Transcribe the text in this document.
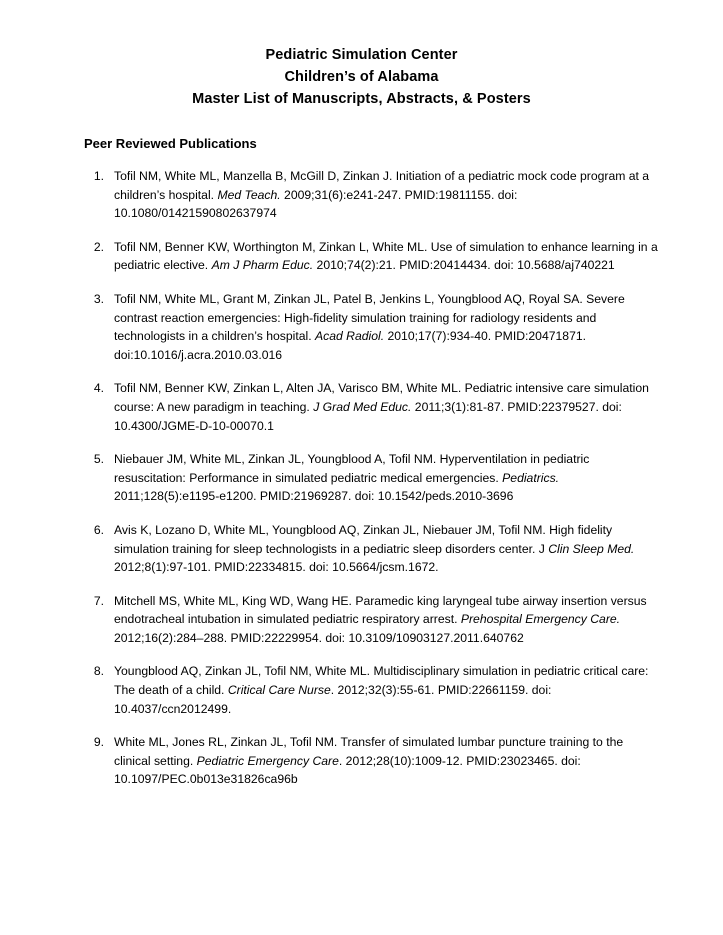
Pediatric Simulation Center
Children’s of Alabama
Master List of Manuscripts, Abstracts, & Posters
Peer Reviewed Publications
1. Tofil NM, White ML, Manzella B, McGill D, Zinkan J. Initiation of a pediatric mock code program at a children’s hospital. Med Teach. 2009;31(6):e241-247. PMID:19811155. doi: 10.1080/01421590802637974
2. Tofil NM, Benner KW, Worthington M, Zinkan L, White ML. Use of simulation to enhance learning in a pediatric elective. Am J Pharm Educ. 2010;74(2):21. PMID:20414434. doi: 10.5688/aj740221
3. Tofil NM, White ML, Grant M, Zinkan JL, Patel B, Jenkins L, Youngblood AQ, Royal SA. Severe contrast reaction emergencies: High-fidelity simulation training for radiology residents and technologists in a children’s hospital. Acad Radiol. 2010;17(7):934-40. PMID:20471871. doi:10.1016/j.acra.2010.03.016
4. Tofil NM, Benner KW, Zinkan L, Alten JA, Varisco BM, White ML. Pediatric intensive care simulation course: A new paradigm in teaching. J Grad Med Educ. 2011;3(1):81-87. PMID:22379527. doi: 10.4300/JGME-D-10-00070.1
5. Niebauer JM, White ML, Zinkan JL, Youngblood A, Tofil NM. Hyperventilation in pediatric resuscitation: Performance in simulated pediatric medical emergencies. Pediatrics. 2011;128(5):e1195-e1200. PMID:21969287. doi: 10.1542/peds.2010-3696
6. Avis K, Lozano D, White ML, Youngblood AQ, Zinkan JL, Niebauer JM, Tofil NM. High fidelity simulation training for sleep technologists in a pediatric sleep disorders center. J Clin Sleep Med. 2012;8(1):97-101. PMID:22334815. doi: 10.5664/jcsm.1672.
7. Mitchell MS, White ML, King WD, Wang HE. Paramedic king laryngeal tube airway insertion versus endotracheal intubation in simulated pediatric respiratory arrest. Prehospital Emergency Care. 2012;16(2):284–288. PMID:22229954. doi: 10.3109/10903127.2011.640762
8. Youngblood AQ, Zinkan JL, Tofil NM, White ML. Multidisciplinary simulation in pediatric critical care: The death of a child. Critical Care Nurse. 2012;32(3):55-61. PMID:22661159. doi: 10.4037/ccn2012499.
9. White ML, Jones RL, Zinkan JL, Tofil NM. Transfer of simulated lumbar puncture training to the clinical setting. Pediatric Emergency Care. 2012;28(10):1009-12. PMID:23023465. doi: 10.1097/PEC.0b013e31826ca96b
